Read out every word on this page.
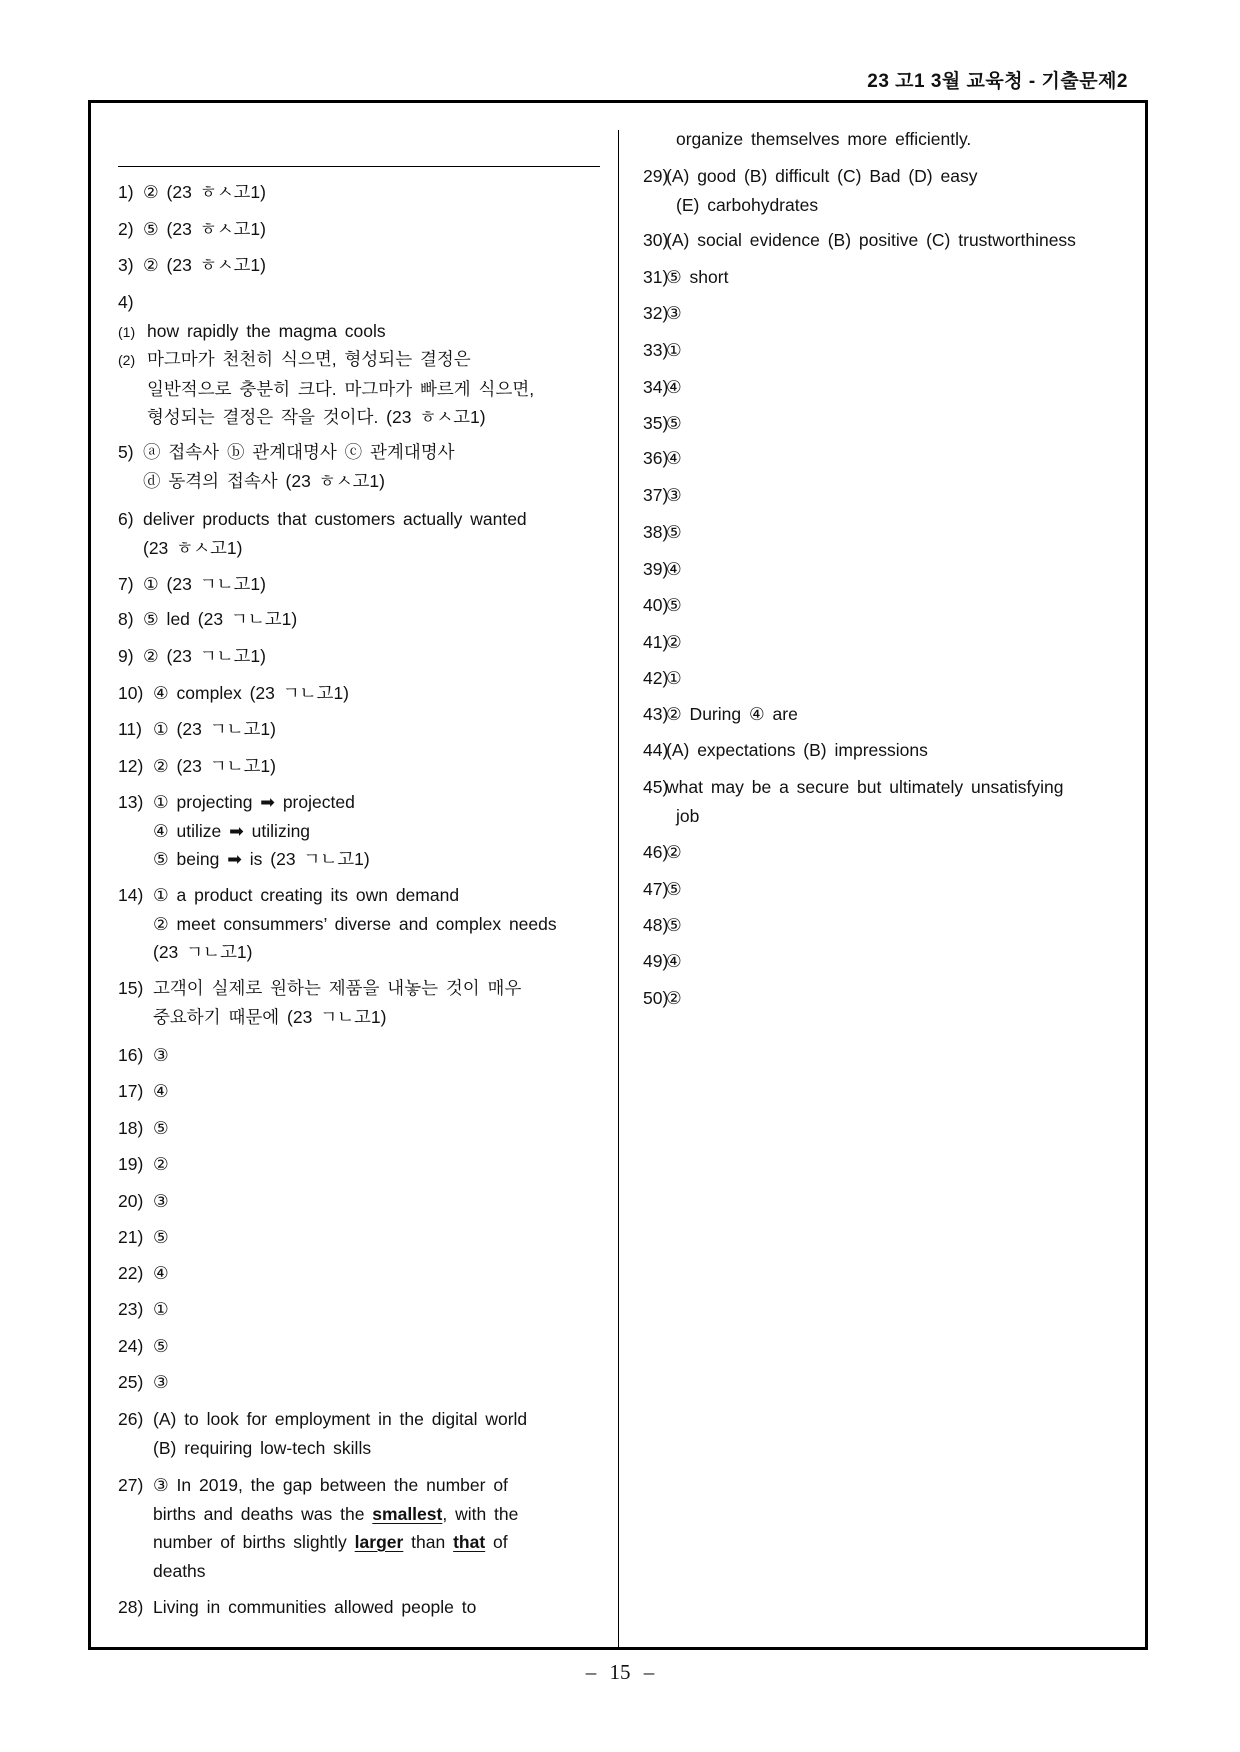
23 고1 3월 교육청 - 기출문제2
1) ② (23 ㅎㅅ고1)
2) ⑤ (23 ㅎㅅ고1)
3) ② (23 ㅎㅅ고1)
4)
(1) how rapidly the magma cools
(2) 마그마가 천천히 식으면, 형성되는 결정은
일반적으로 충분히 크다. 마그마가 빠르게 식으면,
형성되는 결정은 작을 것이다. (23 ㅎㅅ고1)
5) ⓐ 접속사 ⓑ 관계대명사 ⓒ 관계대명사
ⓓ 동격의 접속사 (23 ㅎㅅ고1)
6) deliver products that customers actually wanted
(23 ㅎㅅ고1)
7) ① (23 ㄱㄴ고1)
8) ⑤ led (23 ㄱㄴ고1)
9) ② (23 ㄱㄴ고1)
10) ④ complex (23 ㄱㄴ고1)
11) ① (23 ㄱㄴ고1)
12) ② (23 ㄱㄴ고1)
13) ① projecting ➡ projected
④ utilize ➡ utilizing
⑤ being ➡ is (23 ㄱㄴ고1)
14) ① a product creating its own demand
② meet consummers’ diverse and complex needs
(23 ㄱㄴ고1)
15) 고객이 실제로 원하는 제품을 내놓는 것이 매우
중요하기 때문에 (23 ㄱㄴ고1)
16) ③
17) ④
18) ⑤
19) ②
20) ③
21) ⑤
22) ④
23) ①
24) ⑤
25) ③
26) (A) to look for employment in the digital world
(B) requiring low-tech skills
27) ③ In 2019, the gap between the number of
births and deaths was the smallest, with the
number of births slightly larger than that of
deaths
28) Living in communities allowed people to
organize themselves more efficiently.
29)(A) good (B) difficult (C) Bad (D) easy
(E) carbohydrates
30)(A) social evidence (B) positive (C) trustworthiness
31)⑤ short
32)③
33)①
34)④
35)⑤
36)④
37)③
38)⑤
39)④
40)⑤
41)②
42)①
43)② During ④ are
44)(A) expectations (B) impressions
45)what may be a secure but ultimately unsatisfying
job
46)②
47)⑤
48)⑤
49)④
50)②
– 15 –
